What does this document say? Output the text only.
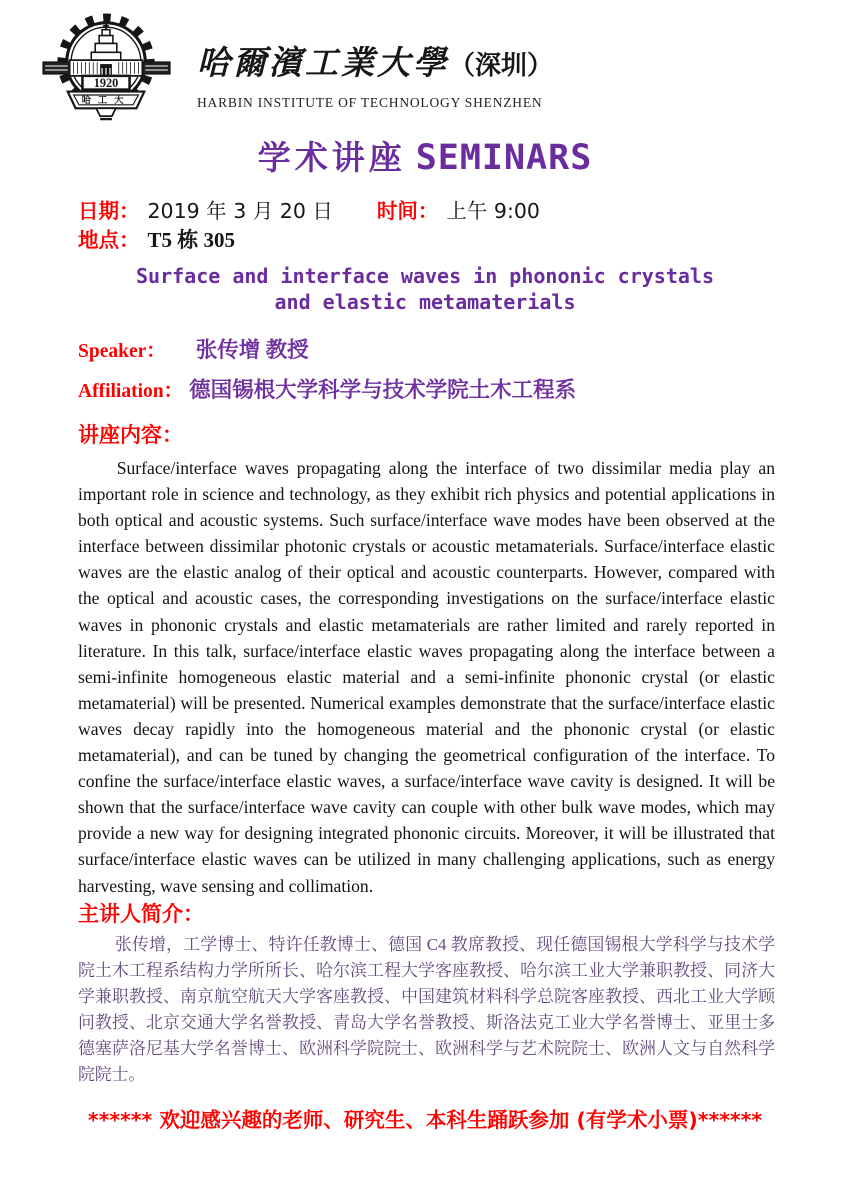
1920
哈工大
哈爾濱工業大學（深圳）
HARBIN INSTITUTE OF TECHNOLOGY SHENZHEN
学术讲座 SEMINARS
日期： 2019 年 3 月 20 日 时间： 上午 9:00
地点： T5 栋 305
Surface and interface waves in phononic crystals
and elastic metamaterials
Speaker： 张传增 教授
Affiliation： 德国锡根大学科学与技术学院土木工程系
讲座内容：

Surface/interface waves propagating along the interface of two dissimilar media play an important role in science and technology, as they exhibit rich physics and potential applications in both optical and acoustic systems. Such surface/interface wave modes have been observed at the interface between dissimilar photonic crystals or acoustic metamaterials. Surface/interface elastic waves are the elastic analog of their optical and acoustic counterparts. However, compared with the optical and acoustic cases, the corresponding investigations on the surface/interface elastic waves in phononic crystals and elastic metamaterials are rather limited and rarely reported in literature. In this talk, surface/interface elastic waves propagating along the interface between a semi-infinite homogeneous elastic material and a semi-infinite phononic crystal (or elastic metamaterial) will be presented. Numerical examples demonstrate that the surface/interface elastic waves decay rapidly into the homogeneous material and the phononic crystal (or elastic metamaterial), and can be tuned by changing the geometrical configuration of the interface. To confine the surface/interface elastic waves, a surface/interface wave cavity is designed. It will be shown that the surface/interface wave cavity can couple with other bulk wave modes, which may provide a new way for designing integrated phononic circuits. Moreover, it will be illustrated that surface/interface elastic waves can be utilized in many challenging applications, such as energy harvesting, wave sensing and collimation.

主讲人简介：

张传增，工学博士、特许任教博士、德国 C4 教席教授、现任德国锡根大学科学与技术学院土木工程系结构力学所所长、哈尔滨工程大学客座教授、哈尔滨工业大学兼职教授、同济大学兼职教授、南京航空航天大学客座教授、中国建筑材料科学总院客座教授、西北工业大学顾问教授、北京交通大学名誉教授、青岛大学名誉教授、斯洛法克工业大学名誉博士、亚里士多德塞萨洛尼基大学名誉博士、欧洲科学院院士、欧洲科学与艺术院院士、欧洲人文与自然科学院院士。

****** 欢迎感兴趣的老师、研究生、本科生踊跃参加 (有学术小票)******
